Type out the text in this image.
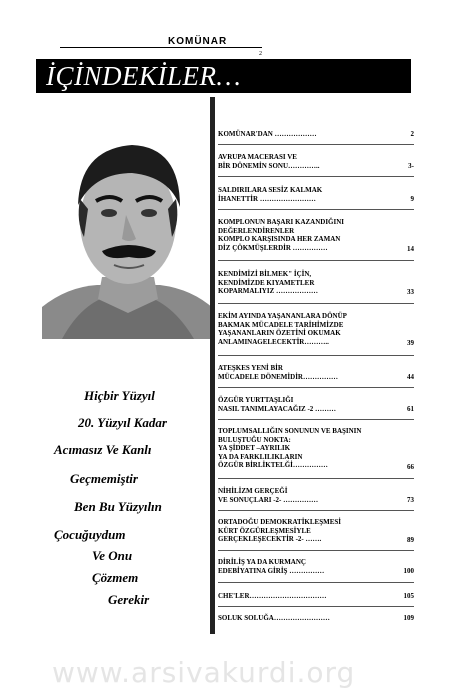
KOMÜNAR
2
İÇİNDEKİLER…
Hiçbir Yüzyıl
20. Yüzyıl Kadar
Acımasız Ve Kanlı
Geçmemiştir
Ben Bu Yüzyılın
Çocuğuydum
Ve Onu
Çözmem
Gerekir
KOMÜNAR'DAN ………………	2
AVRUPA MACERASI VE
BİR DÖNEMİN SONU…………..	3-
SALDIRILARA SESİZ KALMAK
İHANETTİR ……………………	9
KOMPLONUN BAŞARI KAZANDIĞINI
DEĞERLENDİRENLER
KOMPLO KARŞISINDA HER ZAMAN
DİZ ÇÖKMÜŞLERDİR ……………	14
KENDİMİZİ BİLMEK" İÇİN,
KENDİMİZDE KIYAMETLER
KOPARMALIYIZ ………………	33
EKİM AYINDA YAŞANANLARA DÖNÜP
BAKMAK MÜCADELE TARİHİMİZDE
YAŞANANLARIN ÖZETİNİ OKUMAK
ANLAMINAGELECEKTİR………..	39
ATEŞKES YENİ BİR
MÜCADELE DÖNEMİDİR……………	44
ÖZGÜR YURTTAŞLIĞI
NASIL TANIMLAYACAĞIZ -2 ………	61
TOPLUMSALLIĞIN SONUNUN VE BAŞININ
BULUŞTUĞU NOKTA:
YA ŞİDDET –AYRILIK
YA DA FARKLILIKLARIN
ÖZGÜR BİRLİKTELĞİ……………	66
NİHİLİZM GERÇEĞİ
VE SONUÇLARI -2- ……………	73
ORTADOĞU DEMOKRATİKLEŞMESİ
KÜRT ÖZGÜRLEŞMESİYLE
GERÇEKLEŞECEKTİR -2- …….	89
DİRİLİŞ YA DA KURMANÇ
EDEBİYATINA GİRİŞ ……………	100
CHE'LER……………………………	105
SOLUK SOLUĞA……………………	109
www.arsivakurdi.org
